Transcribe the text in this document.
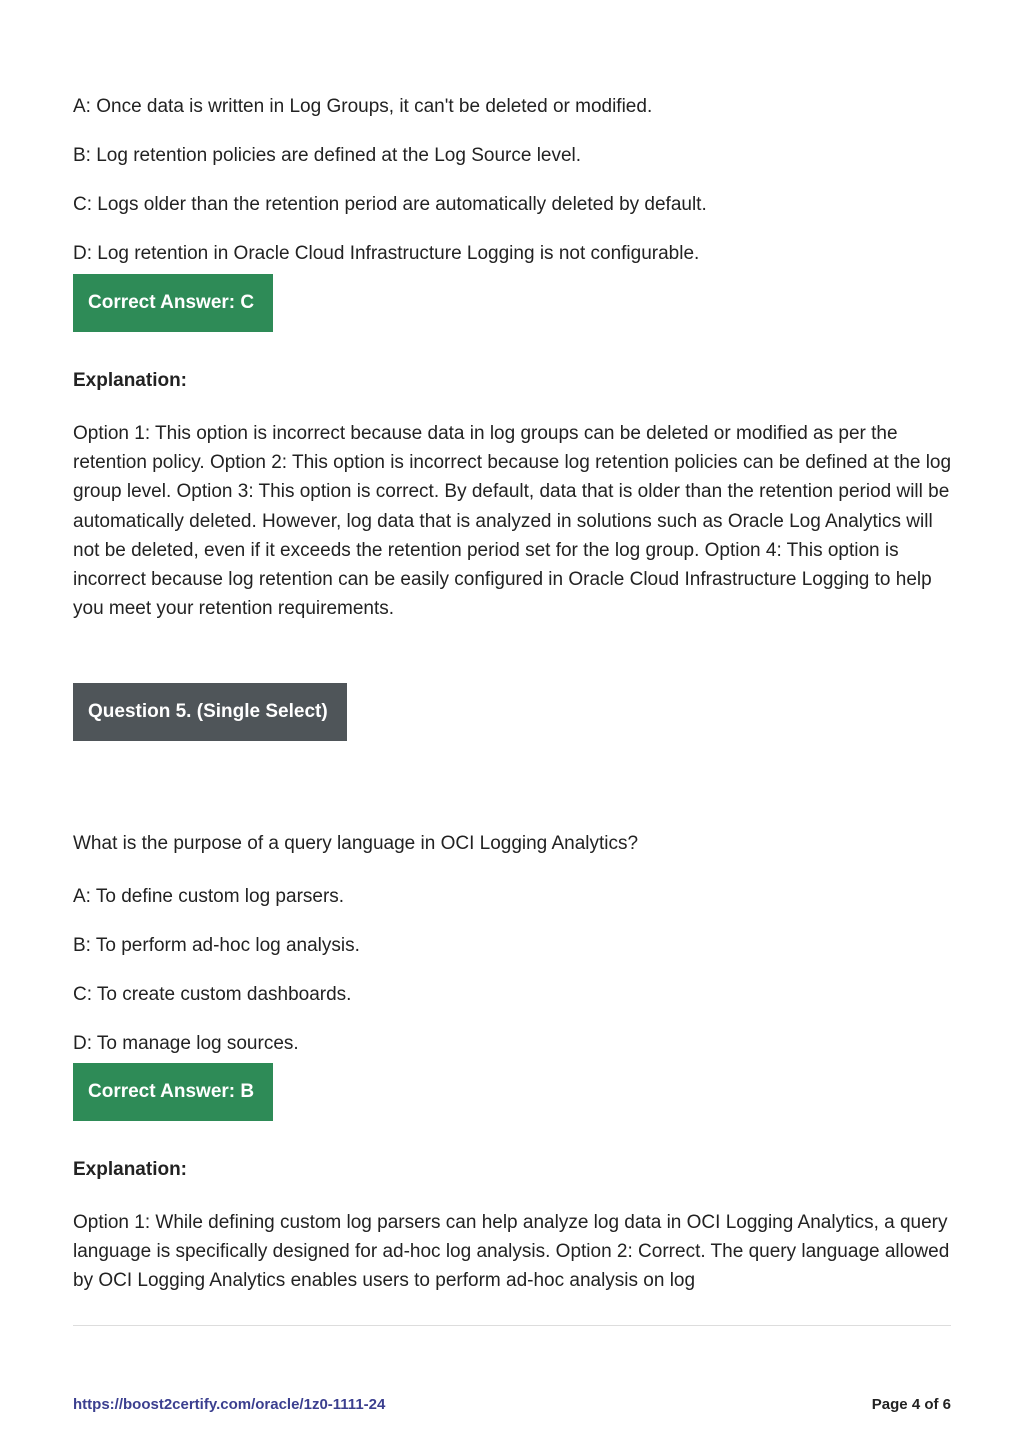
A: Once data is written in Log Groups, it can't be deleted or modified.
B: Log retention policies are defined at the Log Source level.
C: Logs older than the retention period are automatically deleted by default.
D: Log retention in Oracle Cloud Infrastructure Logging is not configurable.
Correct Answer: C
Explanation:
Option 1: This option is incorrect because data in log groups can be deleted or modified as per the retention policy. Option 2: This option is incorrect because log retention policies can be defined at the log group level. Option 3: This option is correct. By default, data that is older than the retention period will be automatically deleted. However, log data that is analyzed in solutions such as Oracle Log Analytics will not be deleted, even if it exceeds the retention period set for the log group. Option 4: This option is incorrect because log retention can be easily configured in Oracle Cloud Infrastructure Logging to help you meet your retention requirements.
Question 5. (Single Select)
What is the purpose of a query language in OCI Logging Analytics?
A: To define custom log parsers.
B: To perform ad-hoc log analysis.
C: To create custom dashboards.
D: To manage log sources.
Correct Answer: B
Explanation:
Option 1: While defining custom log parsers can help analyze log data in OCI Logging Analytics, a query language is specifically designed for ad-hoc log analysis. Option 2: Correct. The query language allowed by OCI Logging Analytics enables users to perform ad-hoc analysis on log
https://boost2certify.com/oracle/1z0-1111-24	Page 4 of 6
